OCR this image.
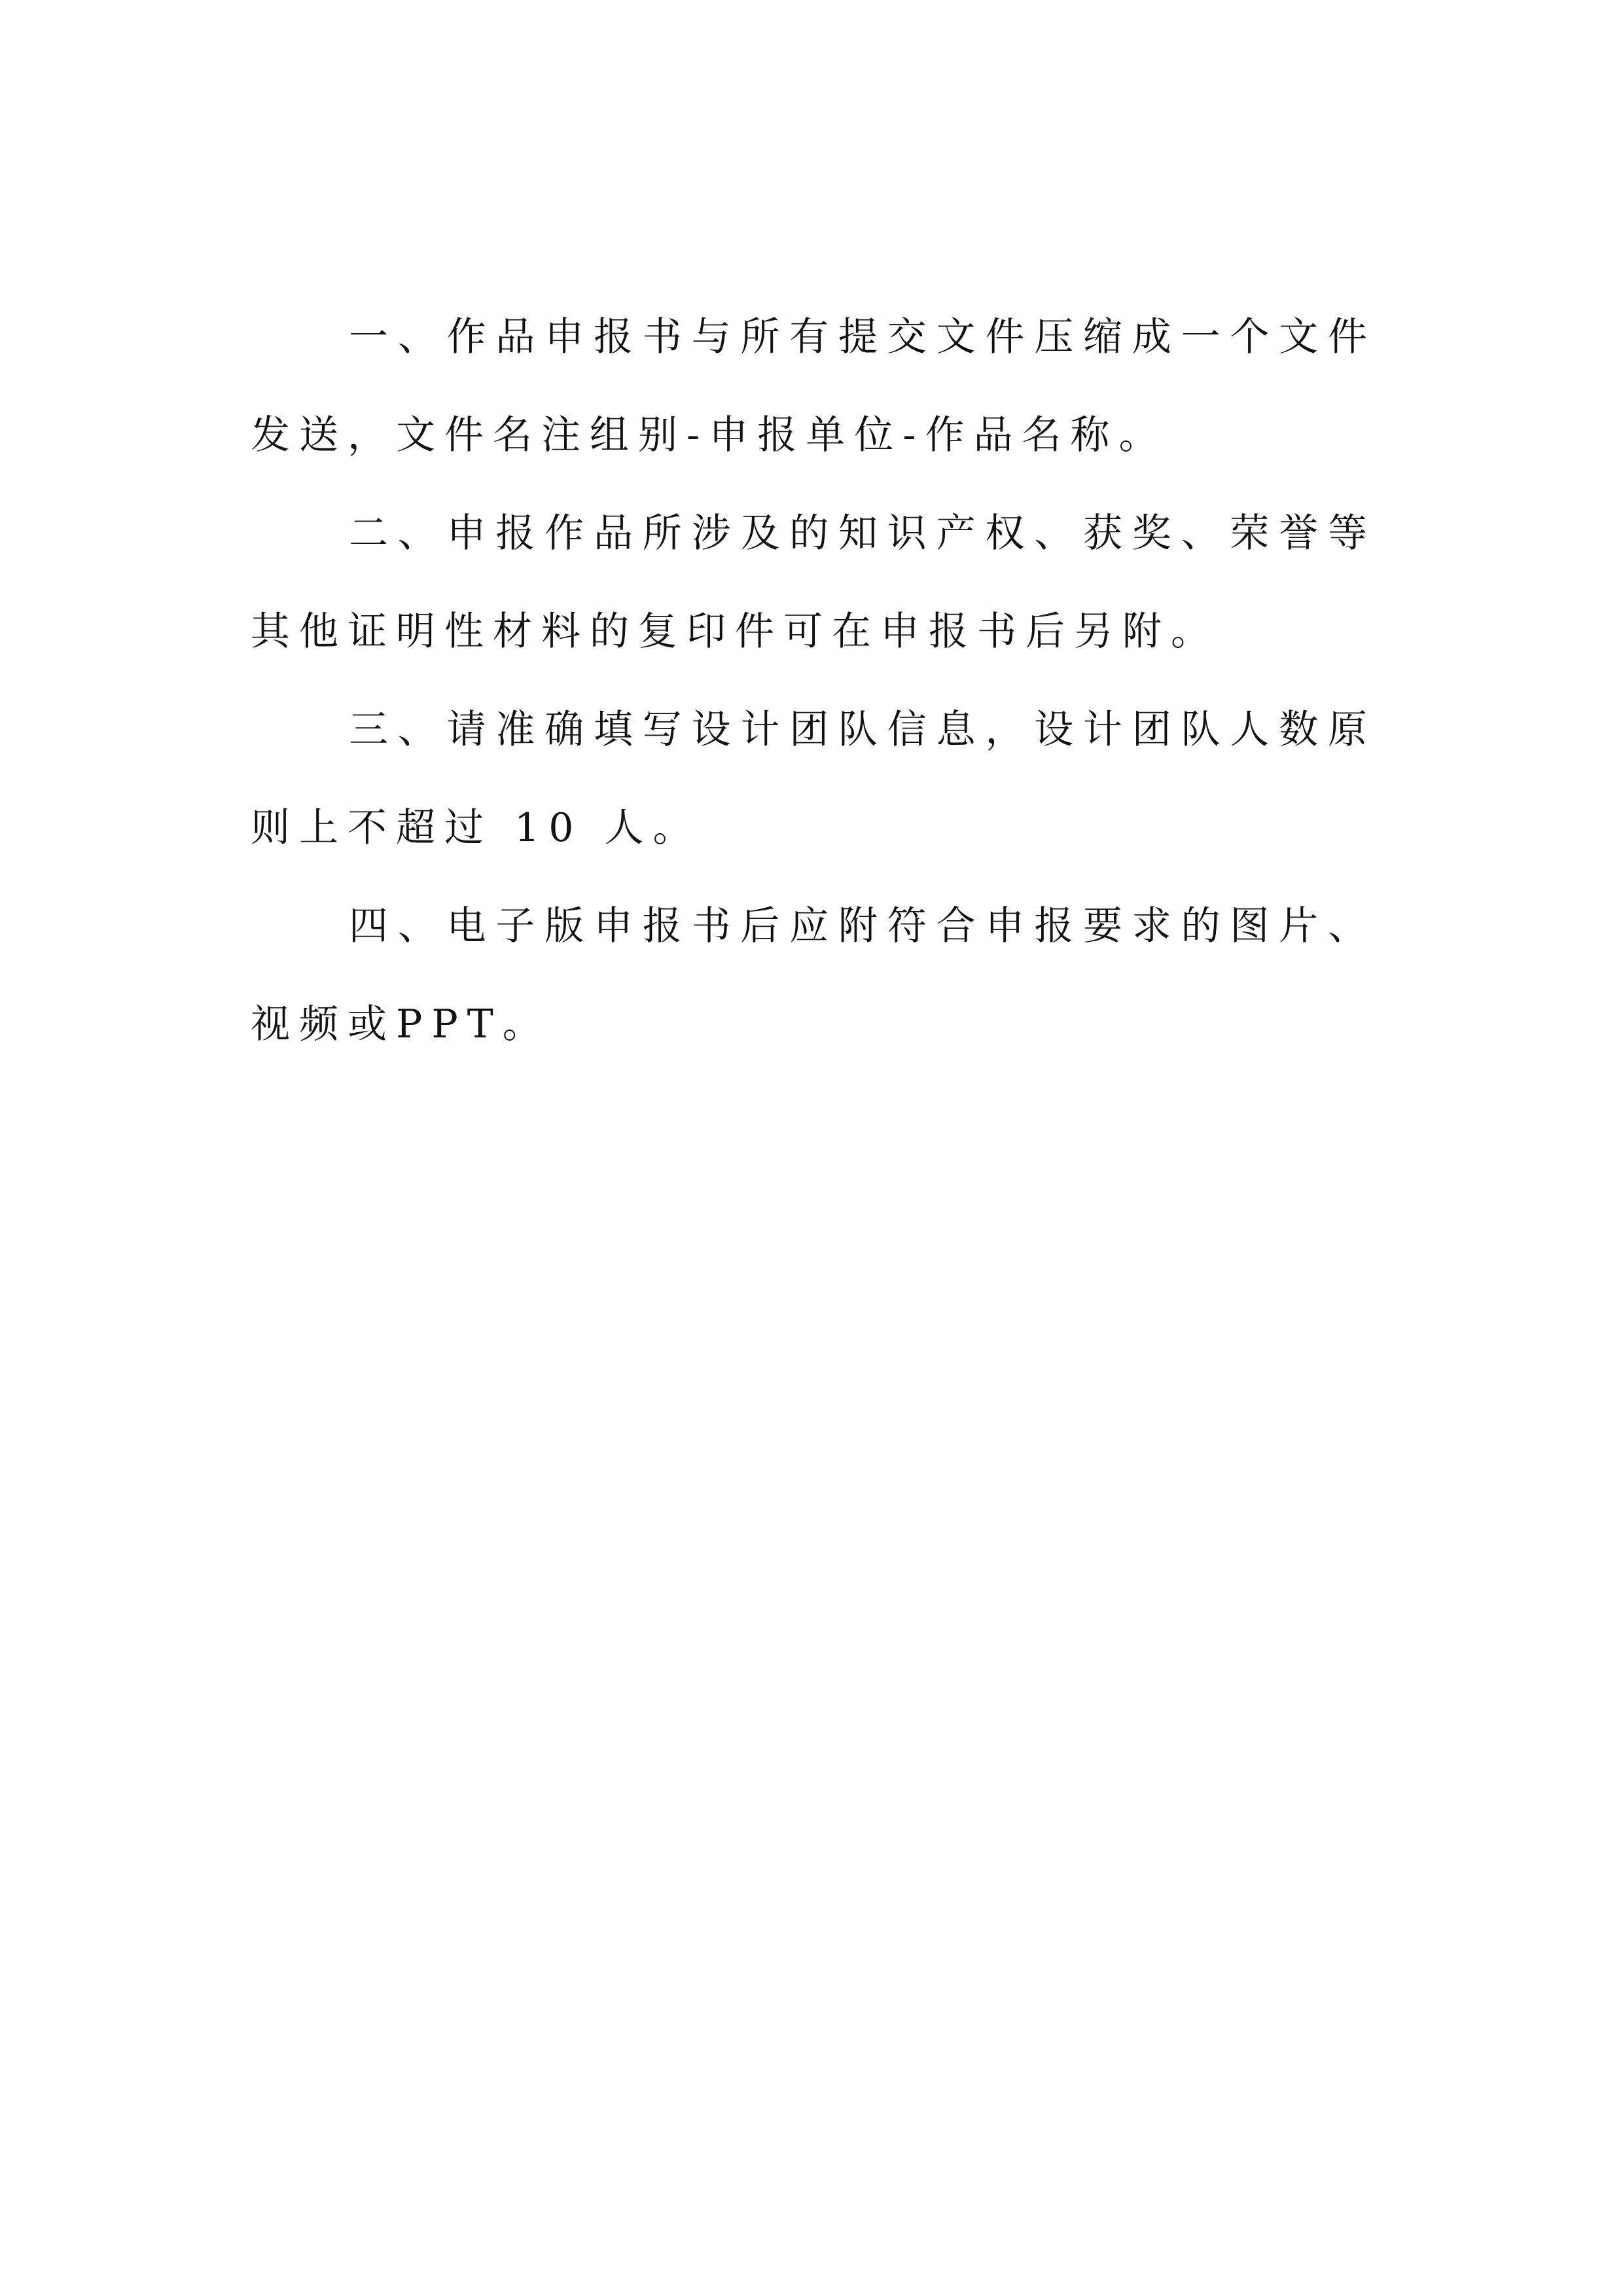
一、作品申报书与所有提交文件压缩成一个文件发送，文件名注组别-申报单位-作品名称。

二、申报作品所涉及的知识产权、获奖、荣誉等其他证明性材料的复印件可在申报书后另附。

三、请准确填写设计团队信息，设计团队人数原则上不超过 10 人。

四、电子版申报书后应附符合申报要求的图片、视频或PPT。
